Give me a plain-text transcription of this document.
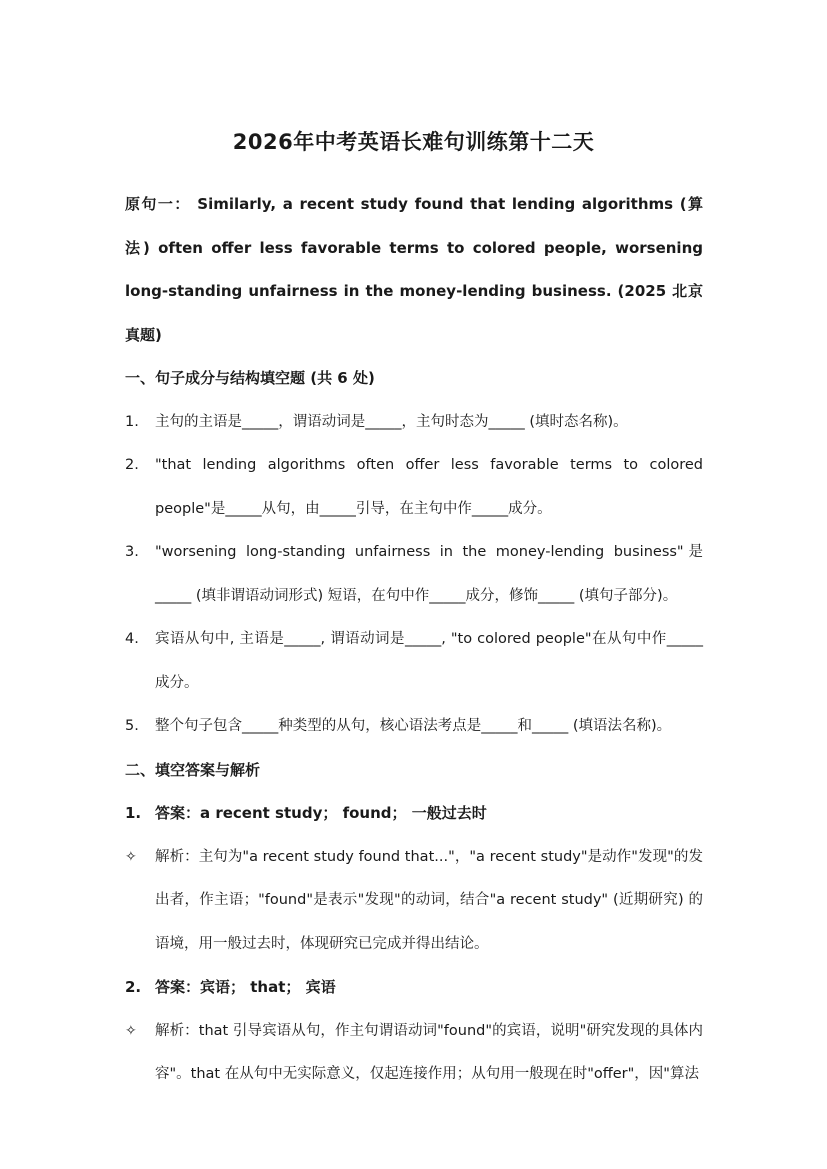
2026年中考英语长难句训练第十二天

原句一： Similarly, a recent study found that lending algorithms (算法) often offer less favorable terms to colored people, worsening long-standing unfairness in the money-lending business. (2025 北京真题)

一、句子成分与结构填空题 (共 6 处)

1. 主句的主语是_____，谓语动词是_____，主句时态为_____ (填时态名称)。
2. "that lending algorithms often offer less favorable terms to colored people"是_____从句，由_____引导，在主句中作_____成分。
3. "worsening long-standing unfairness in the money-lending business"是_____ (填非谓语动词形式) 短语，在句中作_____成分，修饰_____ (填句子部分)。
4. 宾语从句中, 主语是_____, 谓语动词是_____, "to colored people"在从句中作_____成分。
5. 整个句子包含_____种类型的从句，核心语法考点是_____和_____ (填语法名称)。

二、填空答案与解析

1. 答案：a recent study； found； 一般过去时
✧ 解析：主句为"a recent study found that..."，"a recent study"是动作"发现"的发出者，作主语；"found"是表示"发现"的动词，结合"a recent study" (近期研究) 的语境，用一般过去时，体现研究已完成并得出结论。
2. 答案：宾语； that； 宾语
✧ 解析：that 引导宾语从句，作主句谓语动词"found"的宾语，说明"研究发现的具体内容"。that 在从句中无实际意义，仅起连接作用；从句用一般现在时"offer"，因"算法
